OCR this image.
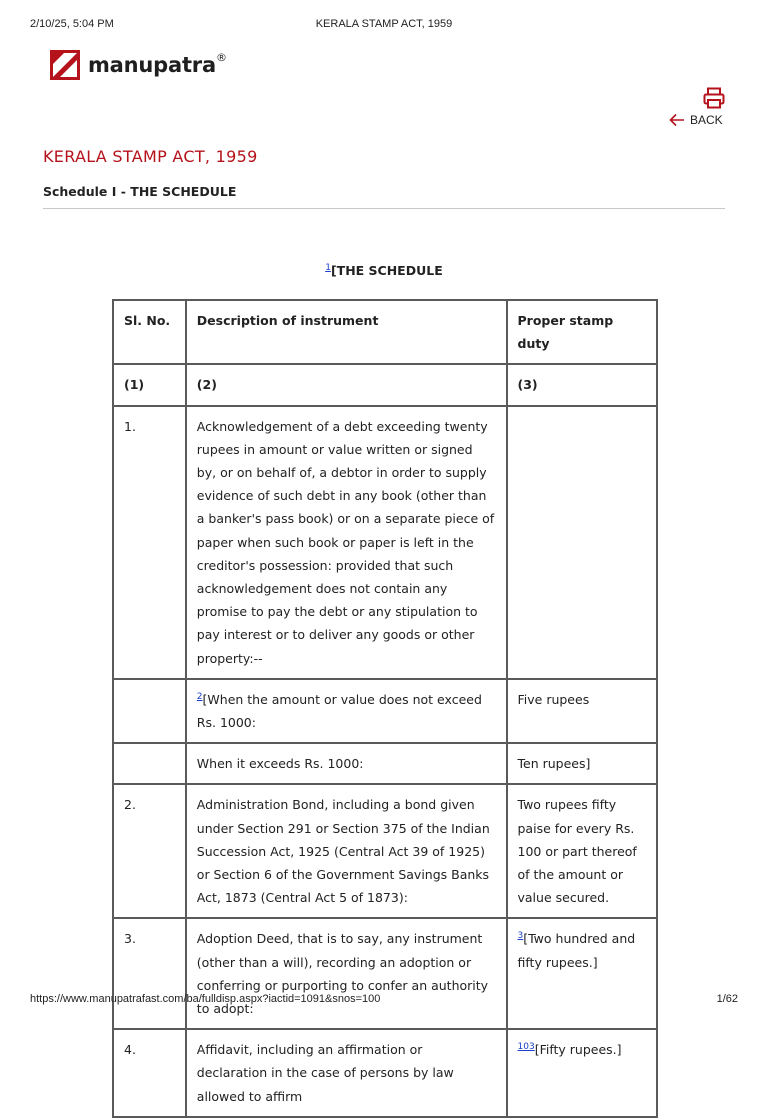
2/10/25, 5:04 PM	KERALA STAMP ACT, 1959
manupatra®
BACK
KERALA STAMP ACT, 1959
Schedule I - THE SCHEDULE
$^1$[THE SCHEDULE
Sl. No.	Description of instrument	Proper stamp duty
(1)	(2)	(3)
1.	Acknowledgement of a debt exceeding twenty rupees in amount or value written or signed by, or on behalf of, a debtor in order to supply evidence of such debt in any book (other than a banker's pass book) or on a separate piece of paper when such book or paper is left in the creditor's possession: provided that such acknowledgement does not contain any promise to pay the debt or any stipulation to pay interest or to deliver any goods or other property:--	
	$^2$[When the amount or value does not exceed Rs. 1000:	Five rupees
	When it exceeds Rs. 1000:	Ten rupees]
2.	Administration Bond, including a bond given under Section 291 or Section 375 of the Indian Succession Act, 1925 (Central Act 39 of 1925) or Section 6 of the Government Savings Banks Act, 1873 (Central Act 5 of 1873):	Two rupees fifty paise for every Rs. 100 or part thereof of the amount or value secured.
3.	Adoption Deed, that is to say, any instrument (other than a will), recording an adoption or conferring or purporting to confer an authority to adopt:	$^3$[Two hundred and fifty rupees.]
4.	Affidavit, including an affirmation or declaration in the case of persons by law allowed to affirm	$^{103}$[Fifty rupees.]
https://www.manupatrafast.com/ba/fulldisp.aspx?iactid=1091&snos=100	1/62
